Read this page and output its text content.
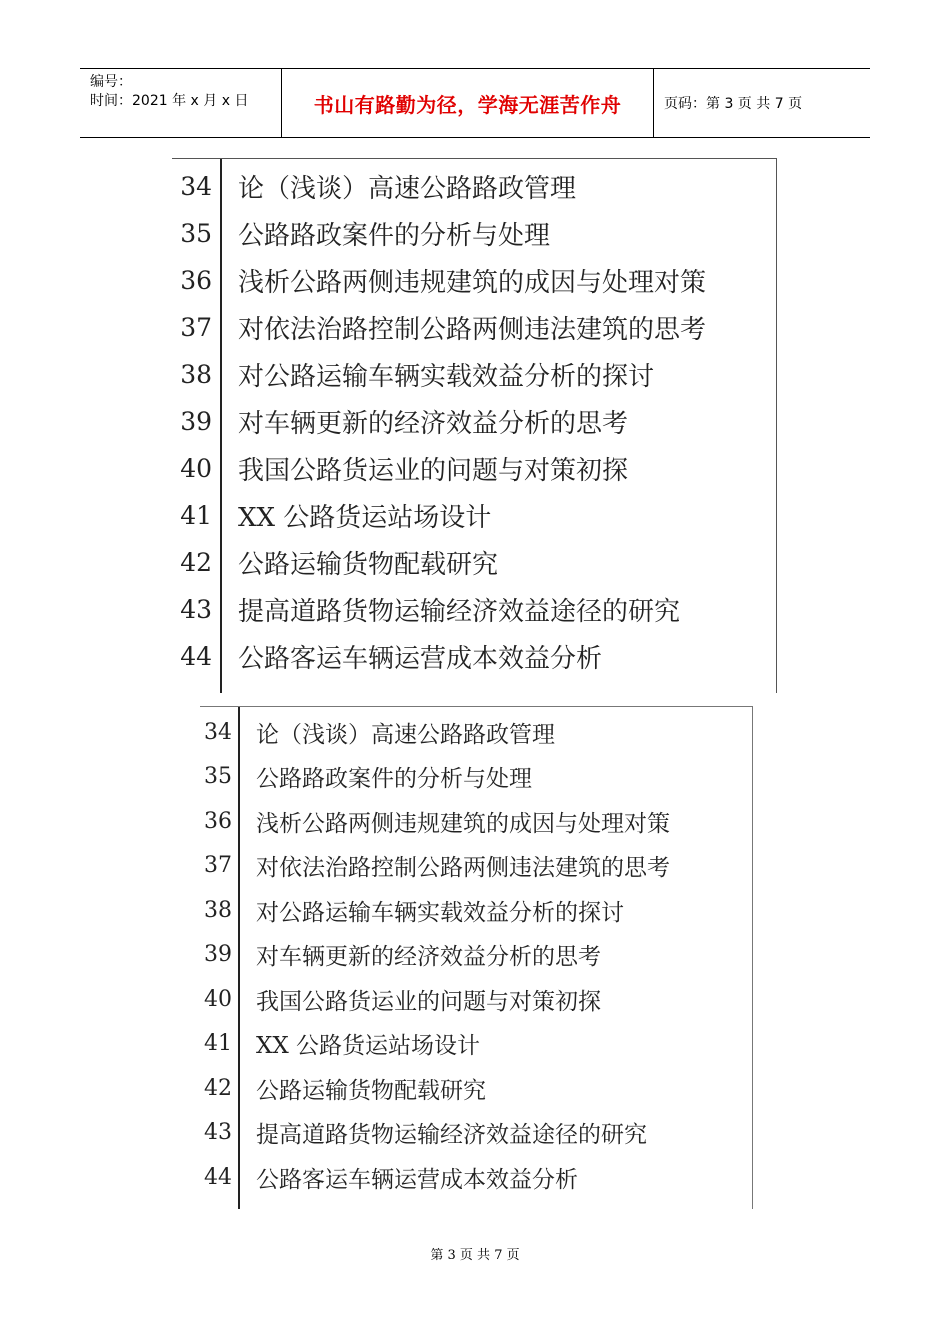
编号：
时间：2021 年 x 月 x 日	书山有路勤为径，学海无涯苦作舟	页码：第 3 页 共 7 页
34 论（浅谈）高速公路路政管理
35 公路路政案件的分析与处理
36 浅析公路两侧违规建筑的成因与处理对策
37 对依法治路控制公路两侧违法建筑的思考
38 对公路运输车辆实载效益分析的探讨
39 对车辆更新的经济效益分析的思考
40 我国公路货运业的问题与对策初探
41 XX 公路货运站场设计
42 公路运输货物配载研究
43 提高道路货物运输经济效益途径的研究
44 公路客运车辆运营成本效益分析
34 论（浅谈）高速公路路政管理
35 公路路政案件的分析与处理
36 浅析公路两侧违规建筑的成因与处理对策
37 对依法治路控制公路两侧违法建筑的思考
38 对公路运输车辆实载效益分析的探讨
39 对车辆更新的经济效益分析的思考
40 我国公路货运业的问题与对策初探
41 XX 公路货运站场设计
42 公路运输货物配载研究
43 提高道路货物运输经济效益途径的研究
44 公路客运车辆运营成本效益分析
第 3 页 共 7 页
